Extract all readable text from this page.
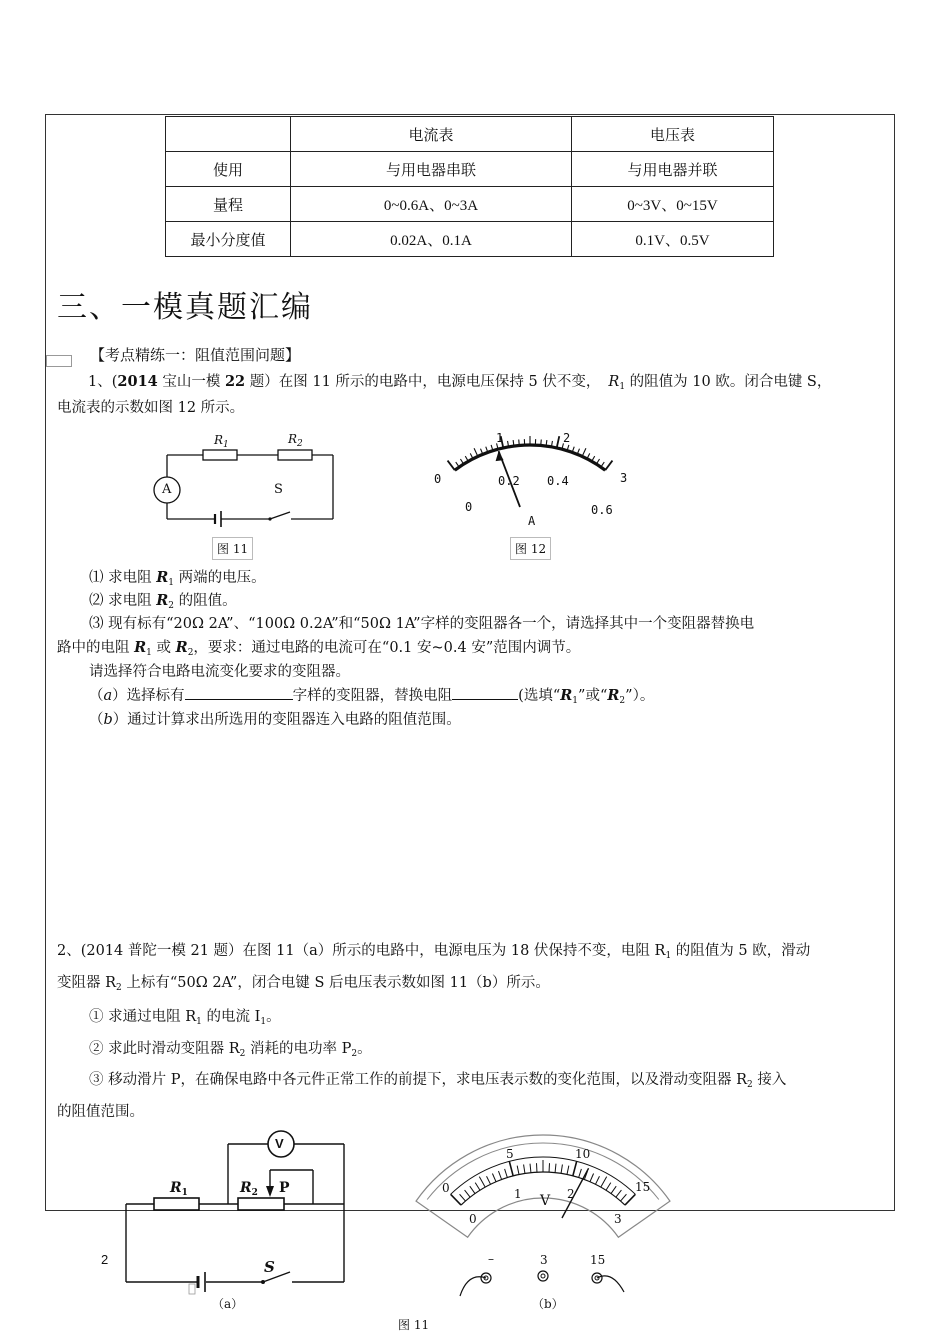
	电流表	电压表
使用	与用电器串联	与用电器并联
量程	0~0.6A、0~3A	0~3V、0~15V
最小分度值	0.02A、0.1A	0.1V、0.5V
三、一模真题汇编
【考点精练一：阻值范围问题】
1、(2014 宝山一模 22 题）在图 11 所示的电路中，电源电压保持 5 伏不变， $R_1$ 的阻值为 10 欧。闭合电键 S，
电流表的示数如图 12 所示。
$R_1$	$R_2$
A	S
图 11
1	2
0	3
0.2 0.4
0	0.6
A
图 12
⑴ 求电阻 $R_1$ 两端的电压。
⑵ 求电阻 $R_2$ 的阻值。
⑶ 现有标有“20Ω 2A”、“100Ω 0.2A”和“50Ω 1A”字样的变阻器各一个，请选择其中一个变阻器替换电
路中的电阻 $R_1$ 或 $R_2$，要求：通过电路的电流可在“0.1 安~0.4 安”范围内调节。
请选择符合电路电流变化要求的变阻器。
（a）选择标有	字样的变阻器，替换电阻	(选填“$R_1$”或“$R_2$”）。
（b）通过计算求出所选用的变阻器连入电路的阻值范围。
2、(2014 普陀一模 21 题）在图 11（a）所示的电路中，电源电压为 18 伏保持不变，电阻 $R_1$ 的阻值为 5 欧，滑动
变阻器 $R_2$ 上标有“50Ω 2A”，闭合电键 S 后电压表示数如图 11（b）所示。
① 求通过电阻 $R_1$ 的电流 $I_1$。
② 求此时滑动变阻器 $R_2$ 消耗的电功率 $P_2$。
③ 移动滑片 P，在确保电路中各元件正常工作的前提下，求电压表示数的变化范围，以及滑动变阻器 $R_2$ 接入
的阻值范围。
V
$R_1$	$R_2$ P
S
（a）
5	10
0	15
1	2
0	3
V
–	3	15
（b）
图 11
2
